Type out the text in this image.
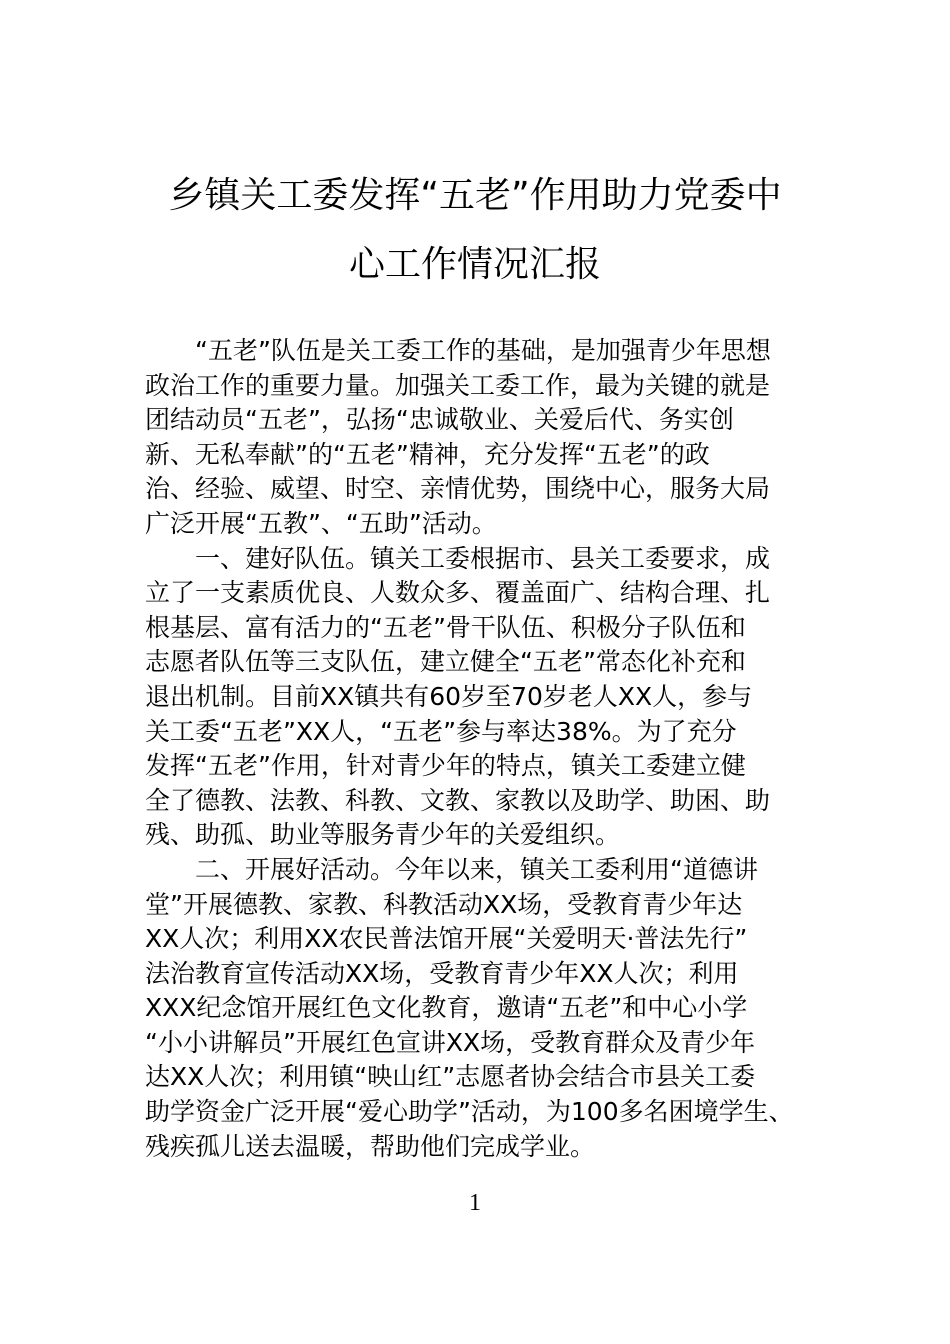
乡镇关工委发挥“五老”作用助力党委中
心工作情况汇报
“五老”队伍是关工委工作的基础，是加强青少年思想
政治工作的重要力量。加强关工委工作，最为关键的就是
团结动员“五老”，弘扬“忠诚敬业、关爱后代、务实创
新、无私奉献”的“五老”精神，充分发挥“五老”的政
治、经验、威望、时空、亲情优势，围绕中心，服务大局
广泛开展“五教”、“五助”活动。
一、建好队伍。镇关工委根据市、县关工委要求，成
立了一支素质优良、人数众多、覆盖面广、结构合理、扎
根基层、富有活力的“五老”骨干队伍、积极分子队伍和
志愿者队伍等三支队伍，建立健全“五老”常态化补充和
退出机制。目前XX镇共有60岁至70岁老人XX人，参与
关工委“五老”XX人，“五老”参与率达38%。为了充分
发挥“五老”作用，针对青少年的特点，镇关工委建立健
全了德教、法教、科教、文教、家教以及助学、助困、助
残、助孤、助业等服务青少年的关爱组织。
二、开展好活动。今年以来，镇关工委利用“道德讲
堂”开展德教、家教、科教活动XX场，受教育青少年达
XX人次；利用XX农民普法馆开展“关爱明天·普法先行”
法治教育宣传活动XX场，受教育青少年XX人次；利用
XXX纪念馆开展红色文化教育，邀请“五老”和中心小学
“小小讲解员”开展红色宣讲XX场，受教育群众及青少年
达XX人次；利用镇“映山红”志愿者协会结合市县关工委
助学资金广泛开展“爱心助学”活动，为100多名困境学生、
残疾孤儿送去温暖，帮助他们完成学业。
1
